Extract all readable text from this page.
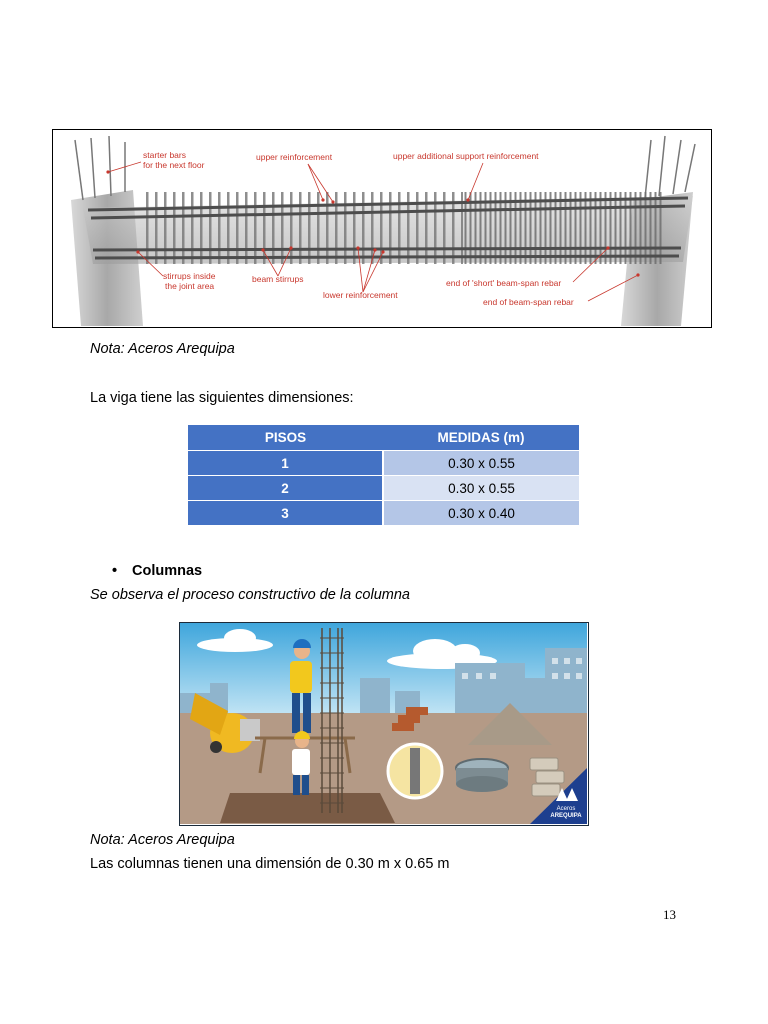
starter bars
for the next floor
upper reinforcement	upper additional support reinforcement
stirrups inside
the joint area
beam stirrups
lower reinforcement
end of 'short' beam-span rebar
end of beam-span rebar
Nota: Aceros Arequipa
La viga tiene las siguientes dimensiones:
PISOS	MEDIDAS (m)
1	0.30 x 0.55
2	0.30 x 0.55
3	0.30 x 0.40
• Columnas
Se observa el proceso constructivo de la columna
Aceros
AREQUIPA
Nota: Aceros Arequipa
Las columnas tienen una dimensión de 0.30 m x 0.65 m
13
